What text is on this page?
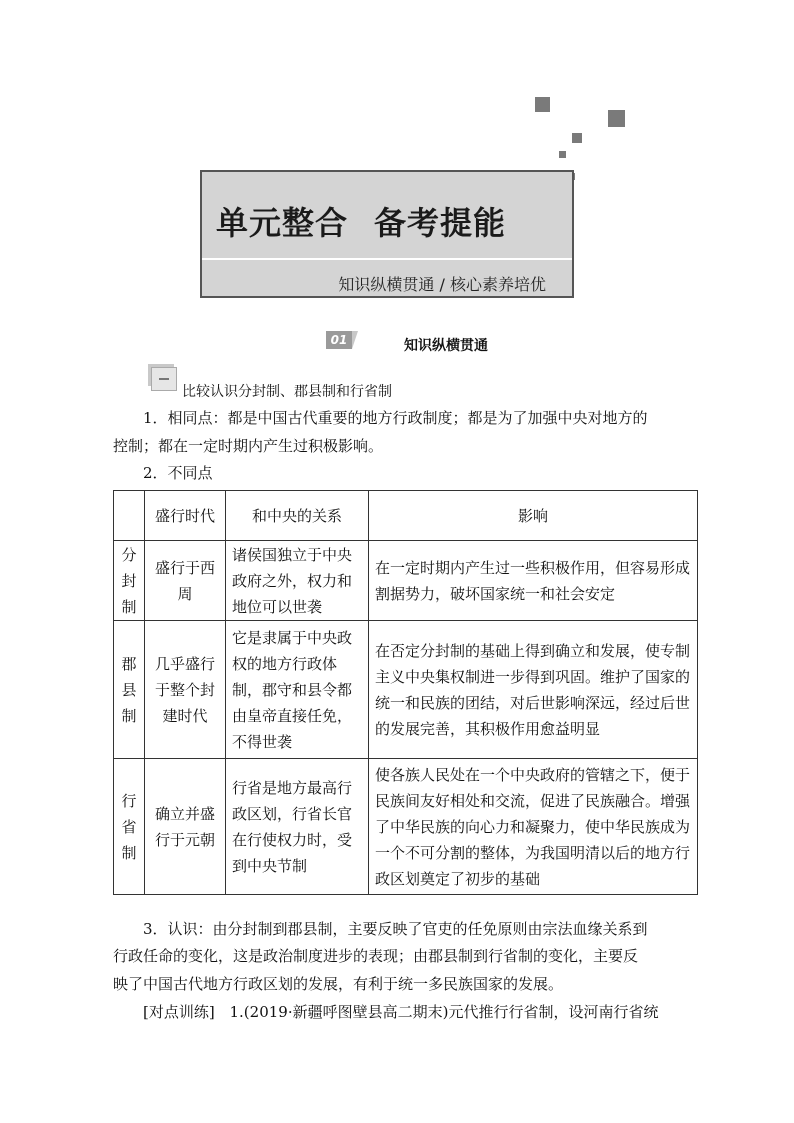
单元整合 备考提能
知识纵横贯通 / 核心素养培优
01	知识纵横贯通
比较认识分封制、郡县制和行省制
1．相同点：都是中国古代重要的地方行政制度；都是为了加强中央对地方的
控制；都在一定时期内产生过积极影响。
2．不同点
	盛行时代	和中央的关系	影响
分封制	盛行于西周	诸侯国独立于中央政府之外，权力和地位可以世袭	在一定时期内产生过一些积极作用，但容易形成割据势力，破坏国家统一和社会安定
郡县制	几乎盛行于整个封建时代	它是隶属于中央政权的地方行政体制，郡守和县令都由皇帝直接任免，不得世袭	在否定分封制的基础上得到确立和发展，使专制主义中央集权制进一步得到巩固。维护了国家的统一和民族的团结，对后世影响深远，经过后世的发展完善，其积极作用愈益明显
行省制	确立并盛行于元朝	行省是地方最高行政区划，行省长官在行使权力时，受到中央节制	使各族人民处在一个中央政府的管辖之下，便于民族间友好相处和交流，促进了民族融合。增强了中华民族的向心力和凝聚力，使中华民族成为一个不可分割的整体，为我国明清以后的地方行政区划奠定了初步的基础
3．认识：由分封制到郡县制，主要反映了官吏的任免原则由宗法血缘关系到
行政任命的变化，这是政治制度进步的表现；由郡县制到行省制的变化，主要反
映了中国古代地方行政区划的发展，有利于统一多民族国家的发展。
[对点训练] 1.(2019·新疆呼图壁县高二期末)元代推行行省制，设河南行省统
